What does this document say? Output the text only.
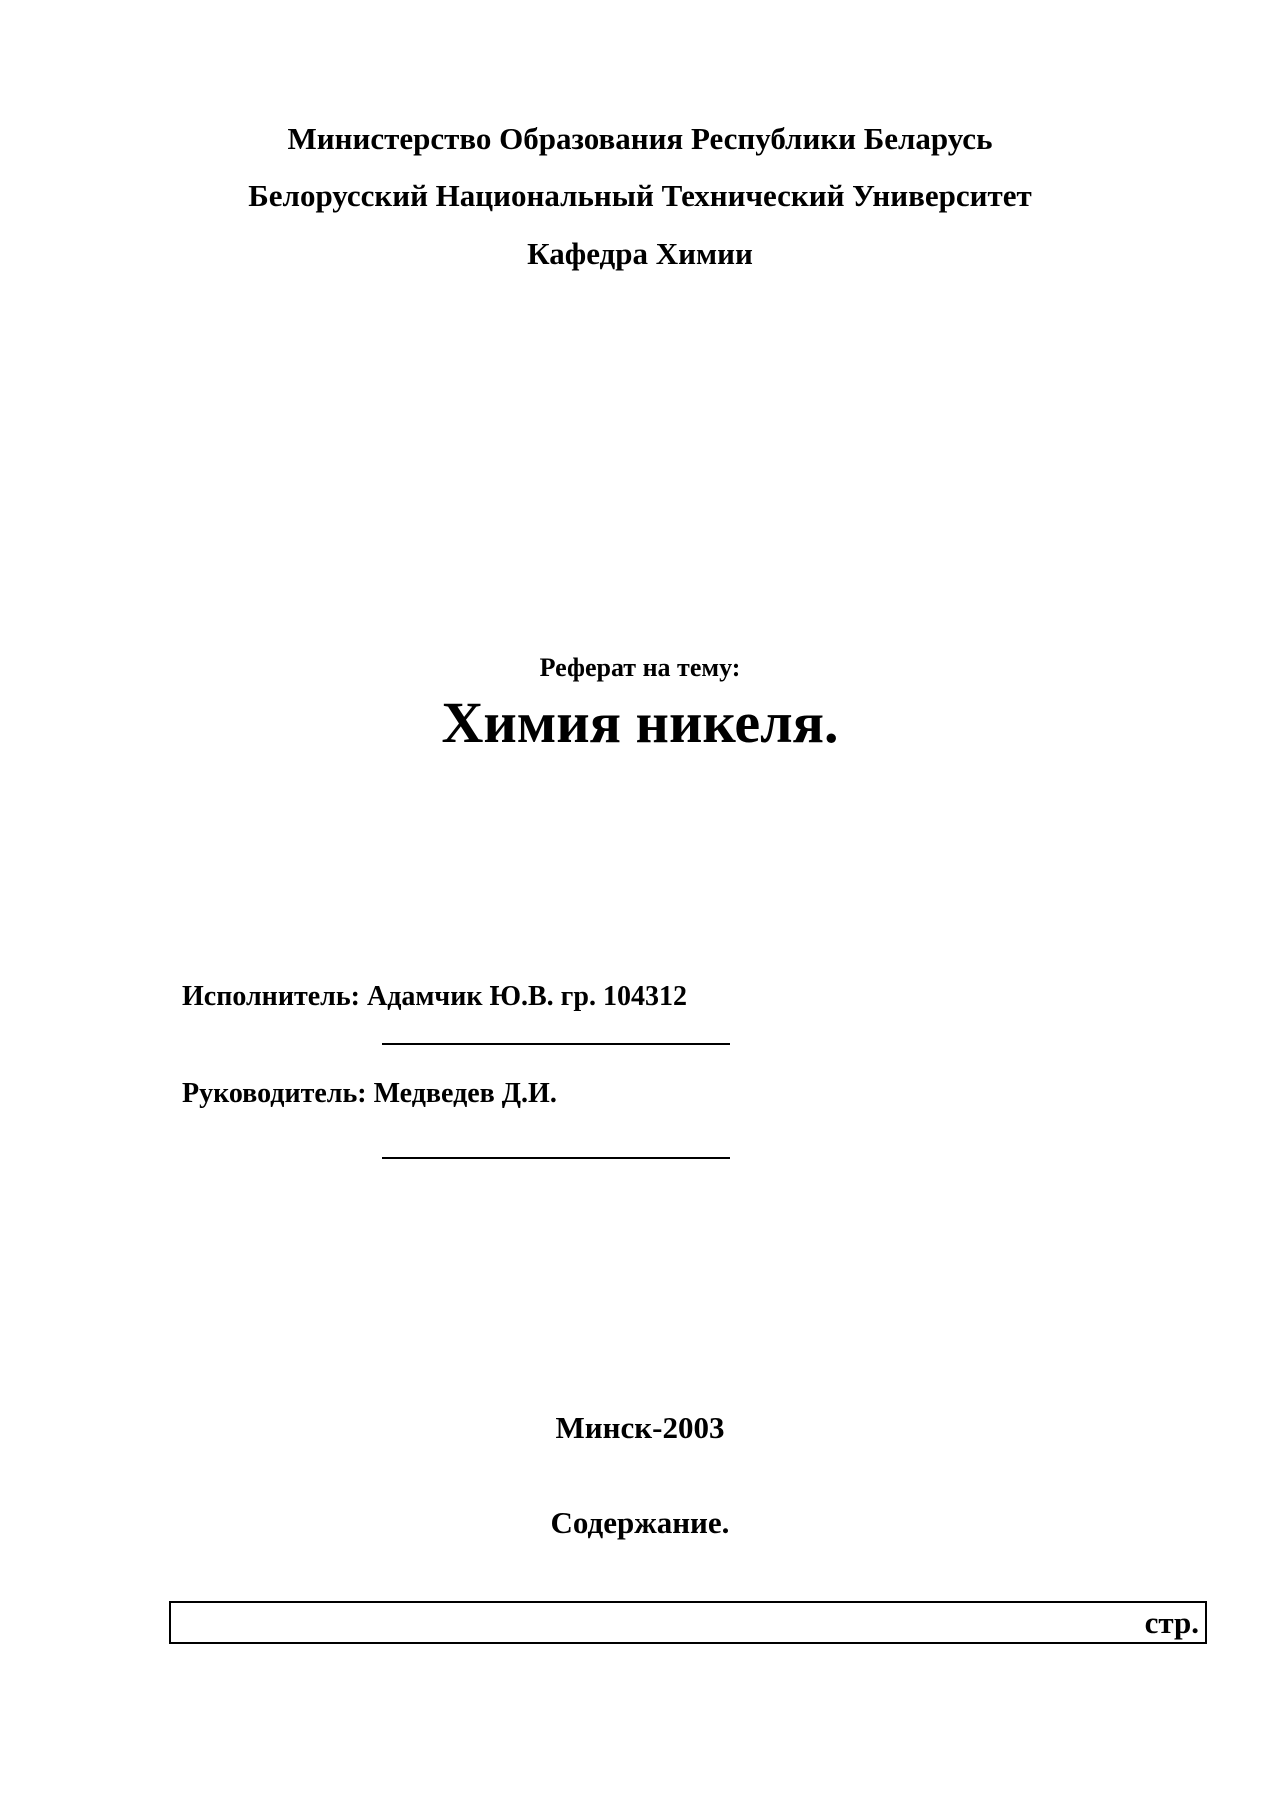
Министерство Образования Республики Беларусь
Белорусский Национальный Технический Университет
Кафедра Химии
Реферат на тему:
Химия никеля.
Исполнитель: Адамчик Ю.В. гр. 104312
Руководитель: Медведев Д.И.
Минск-2003
Содержание.
стр.
